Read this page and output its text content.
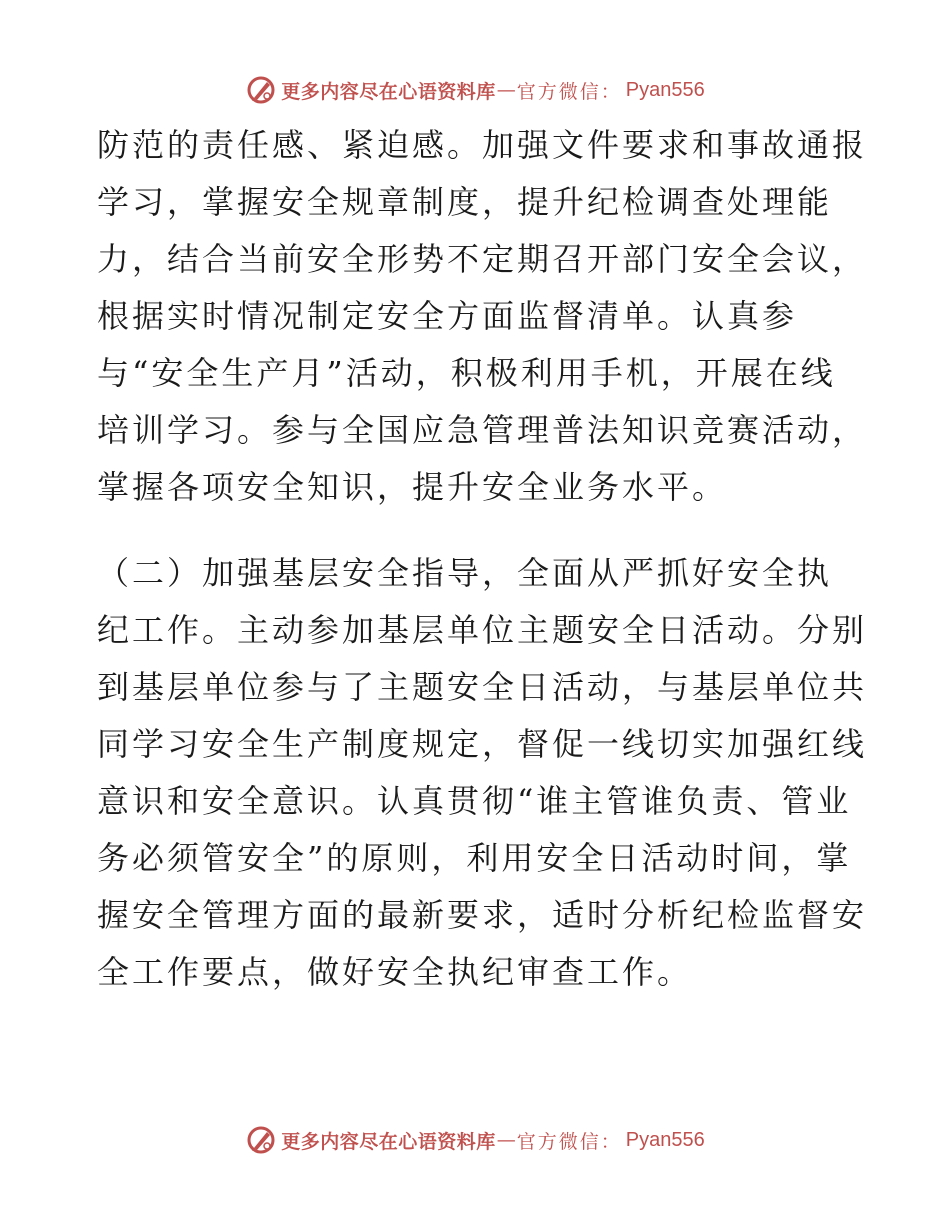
更多内容尽在心语资料库 — 官方微信： Pyan556
防范的责任感、紧迫感。加强文件要求和事故通报
学习，掌握安全规章制度，提升纪检调查处理能
力，结合当前安全形势不定期召开部门安全会议，
根据实时情况制定安全方面监督清单。认真参
与“安全生产月”活动，积极利用手机，开展在线
培训学习。参与全国应急管理普法知识竞赛活动，
掌握各项安全知识，提升安全业务水平。
（二）加强基层安全指导，全面从严抓好安全执
纪工作。主动参加基层单位主题安全日活动。分别
到基层单位参与了主题安全日活动，与基层单位共
同学习安全生产制度规定，督促一线切实加强红线
意识和安全意识。认真贯彻“谁主管谁负责、管业
务必须管安全”的原则，利用安全日活动时间，掌
握安全管理方面的最新要求，适时分析纪检监督安
全工作要点，做好安全执纪审查工作。
更多内容尽在心语资料库 — 官方微信： Pyan556
